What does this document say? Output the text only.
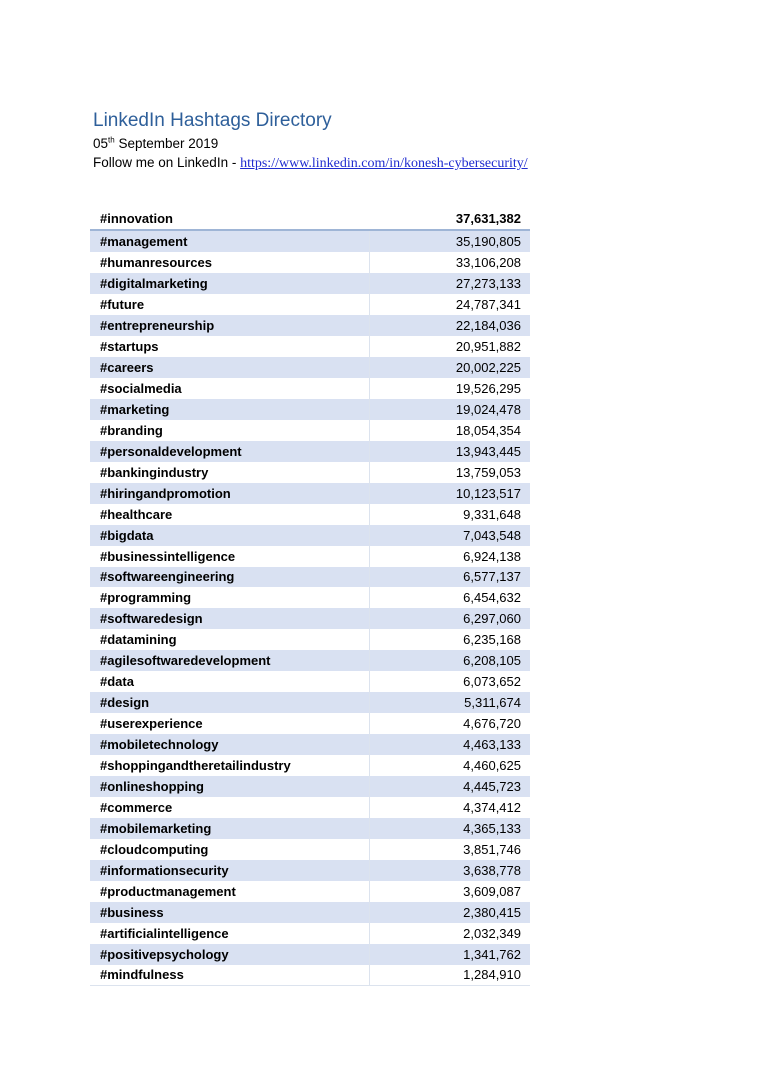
LinkedIn Hashtags Directory
05th September 2019
Follow me on LinkedIn - https://www.linkedin.com/in/konesh-cybersecurity/
#innovation	37,631,382
#management	35,190,805
#humanresources	33,106,208
#digitalmarketing	27,273,133
#future	24,787,341
#entrepreneurship	22,184,036
#startups	20,951,882
#careers	20,002,225
#socialmedia	19,526,295
#marketing	19,024,478
#branding	18,054,354
#personaldevelopment	13,943,445
#bankingindustry	13,759,053
#hiringandpromotion	10,123,517
#healthcare	9,331,648
#bigdata	7,043,548
#businessintelligence	6,924,138
#softwareengineering	6,577,137
#programming	6,454,632
#softwaredesign	6,297,060
#datamining	6,235,168
#agilesoftwaredevelopment	6,208,105
#data	6,073,652
#design	5,311,674
#userexperience	4,676,720
#mobiletechnology	4,463,133
#shoppingandtheretailindustry	4,460,625
#onlineshopping	4,445,723
#commerce	4,374,412
#mobilemarketing	4,365,133
#cloudcomputing	3,851,746
#informationsecurity	3,638,778
#productmanagement	3,609,087
#business	2,380,415
#artificialintelligence	2,032,349
#positivepsychology	1,341,762
#mindfulness	1,284,910
